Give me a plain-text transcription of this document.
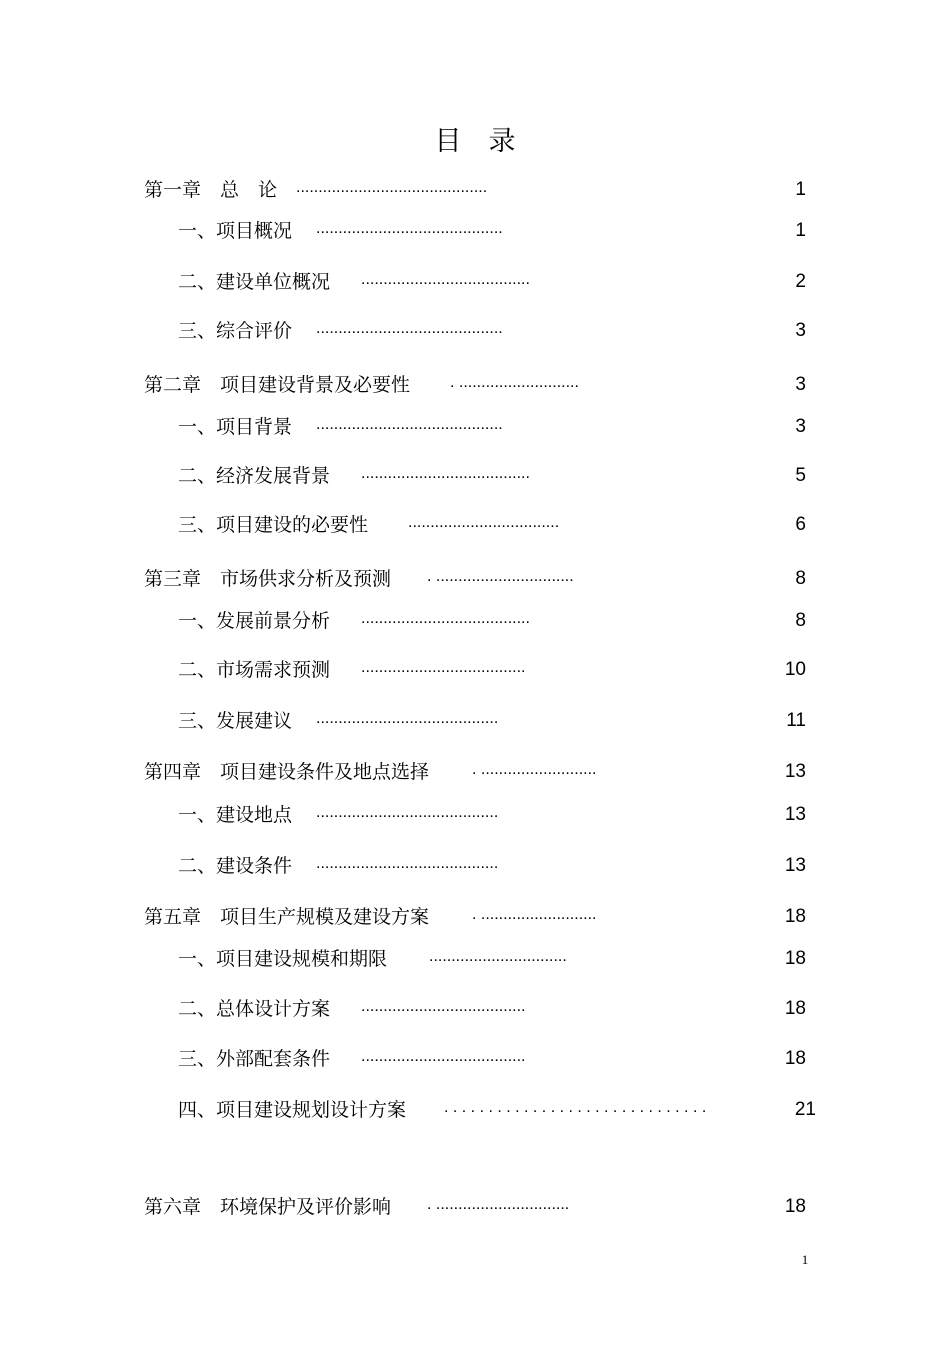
目　录
第一章　总　论 ...........................................	1
一、项目概况 ..........................................	1
二、建设单位概况 ......................................	2
三、综合评价 ..........................................	3
第二章　项目建设背景及必要性 . ...........................	3
一、项目背景 ..........................................	3
二、经济发展背景 ......................................	5
三、项目建设的必要性 ..................................	6
第三章　市场供求分析及预测 . ...............................	8
一、发展前景分析 ......................................	8
二、市场需求预测 .....................................	10
三、发展建议 .........................................	11
第四章　项目建设条件及地点选择	. ..........................	13
一、建设地点 .........................................	13
二、建设条件 .........................................	13
第五章　项目生产规模及建设方案	. ..........................	18
一、项目建设规模和期限	...............................	18
二、总体设计方案 .....................................	18
三、外部配套条件 .....................................	18
四、项目建设规划设计方案 . . . . . . . . . . . . . . . . . . . . . . . . . . . . . .	21
第六章　环境保护及评价影响 . ..............................	18
1
